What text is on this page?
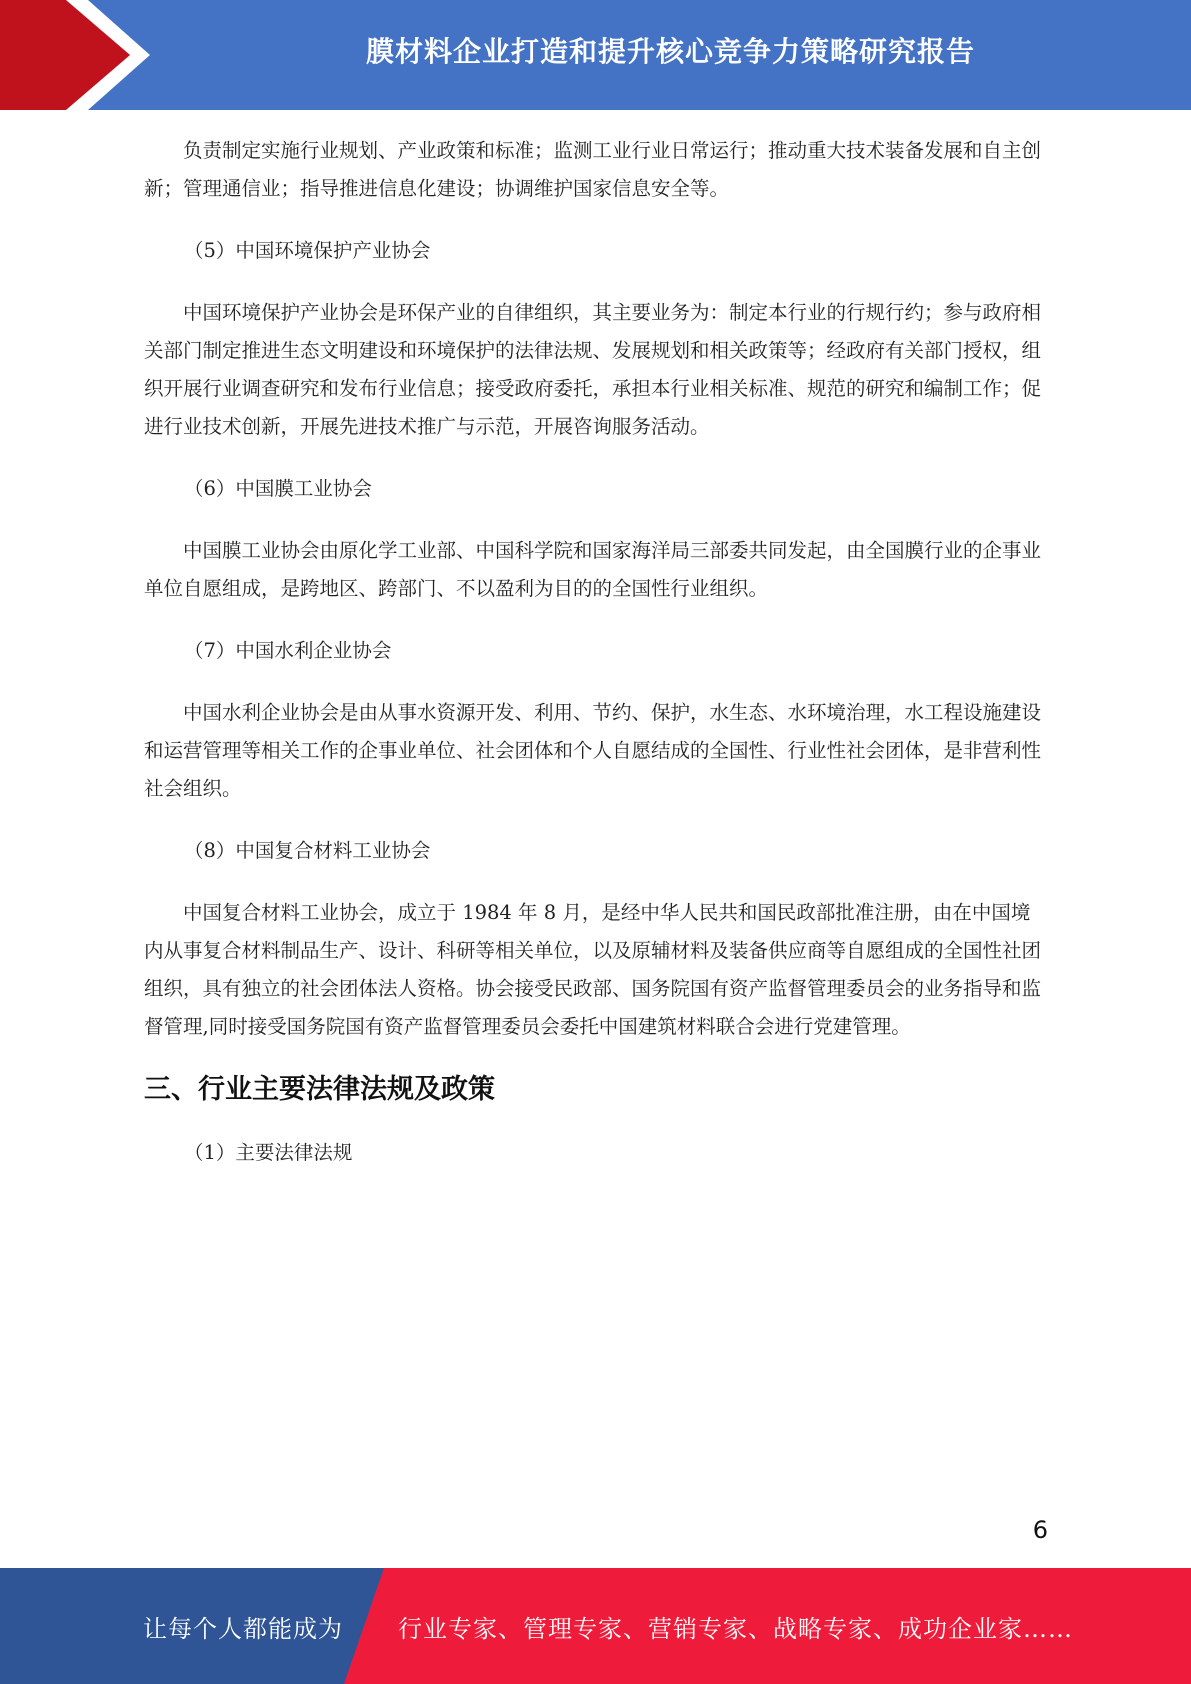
膜材料企业打造和提升核心竞争力策略研究报告

负责制定实施行业规划、产业政策和标准；监测工业行业日常运行；推动重大技术装备发展和自主创新；管理通信业；指导推进信息化建设；协调维护国家信息安全等。

（5）中国环境保护产业协会

中国环境保护产业协会是环保产业的自律组织，其主要业务为：制定本行业的行规行约；参与政府相关部门制定推进生态文明建设和环境保护的法律法规、发展规划和相关政策等；经政府有关部门授权，组织开展行业调查研究和发布行业信息；接受政府委托，承担本行业相关标准、规范的研究和编制工作；促进行业技术创新，开展先进技术推广与示范，开展咨询服务活动。

（6）中国膜工业协会

中国膜工业协会由原化学工业部、中国科学院和国家海洋局三部委共同发起，由全国膜行业的企事业单位自愿组成，是跨地区、跨部门、不以盈利为目的的全国性行业组织。

（7）中国水利企业协会

中国水利企业协会是由从事水资源开发、利用、节约、保护，水生态、水环境治理，水工程设施建设和运营管理等相关工作的企事业单位、社会团体和个人自愿结成的全国性、行业性社会团体，是非营利性社会组织。

（8）中国复合材料工业协会

中国复合材料工业协会，成立于 1984 年 8 月，是经中华人民共和国民政部批准注册，由在中国境内从事复合材料制品生产、设计、科研等相关单位，以及原辅材料及装备供应商等自愿组成的全国性社团组织，具有独立的社会团体法人资格。协会接受民政部、国务院国有资产监督管理委员会的业务指导和监督管理,同时接受国务院国有资产监督管理委员会委托中国建筑材料联合会进行党建管理。

三、行业主要法律法规及政策

（1）主要法律法规

6
让每个人都能成为 行业专家、管理专家、营销专家、战略专家、成功企业家……
